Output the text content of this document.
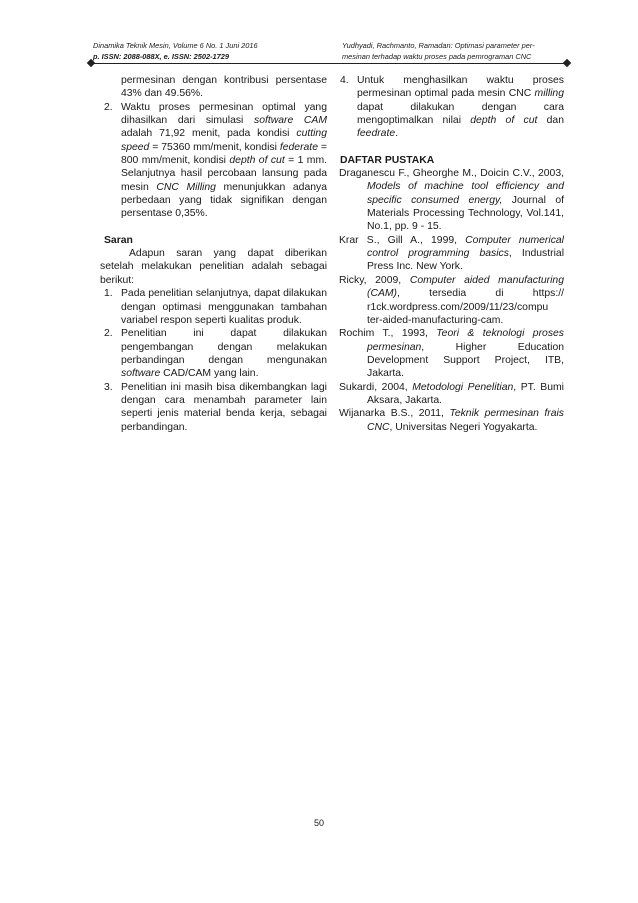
Dinamika Teknik Mesin, Volume 6 No. 1 Juni 2016
p. ISSN: 2088-088X, e. ISSN: 2502-1729
Yudhyadi, Rachmanto, Ramadan: Optimasi parameter per-
mesinan terhadap waktu proses pada pemrograman CNC
permesinan dengan kontribusi persentase 43% dan 49.56%.
2. Waktu proses permesinan optimal yang dihasilkan dari simulasi software CAM adalah 71,92 menit, pada kondisi cutting speed = 75360 mm/menit, kondisi federate = 800 mm/menit, kondisi depth of cut = 1 mm. Selanjutnya hasil percobaan lansung pada mesin CNC Milling menunjukkan adanya perbedaan yang tidak signifikan dengan persentase 0,35%.
Saran
Adapun saran yang dapat diberikan setelah melakukan penelitian adalah sebagai berikut:
1. Pada penelitian selanjutnya, dapat dilakukan dengan optimasi menggunakan tambahan variabel respon seperti kualitas produk.
2. Penelitian ini dapat dilakukan pengembangan dengan melakukan perbandingan dengan mengunakan software CAD/CAM yang lain.
3. Penelitian ini masih bisa dikembangkan lagi dengan cara menambah parameter lain seperti jenis material benda kerja, sebagai perbandingan.
4. Untuk menghasilkan waktu proses permesinan optimal pada mesin CNC milling dapat dilakukan dengan cara mengoptimalkan nilai depth of cut dan feedrate.
DAFTAR PUSTAKA
Draganescu F., Gheorghe M., Doicin C.V., 2003, Models of machine tool efficiency and specific consumed energy, Journal of Materials Processing Technology, Vol.141, No.1, pp. 9 - 15.
Krar S., Gill A., 1999, Computer numerical control programming basics, Industrial Press Inc. New York.
Ricky, 2009, Computer aided manufacturing (CAM), tersedia di https:// r1ck.wordpress.com/2009/11/23/compu ter-aided-manufacturing-cam.
Rochim T., 1993, Teori & teknologi proses permesinan, Higher Education Development Support Project, ITB, Jakarta.
Sukardi, 2004, Metodologi Penelitian, PT. Bumi Aksara, Jakarta.
Wijanarka B.S., 2011, Teknik permesinan frais CNC, Universitas Negeri Yogyakarta.
50
